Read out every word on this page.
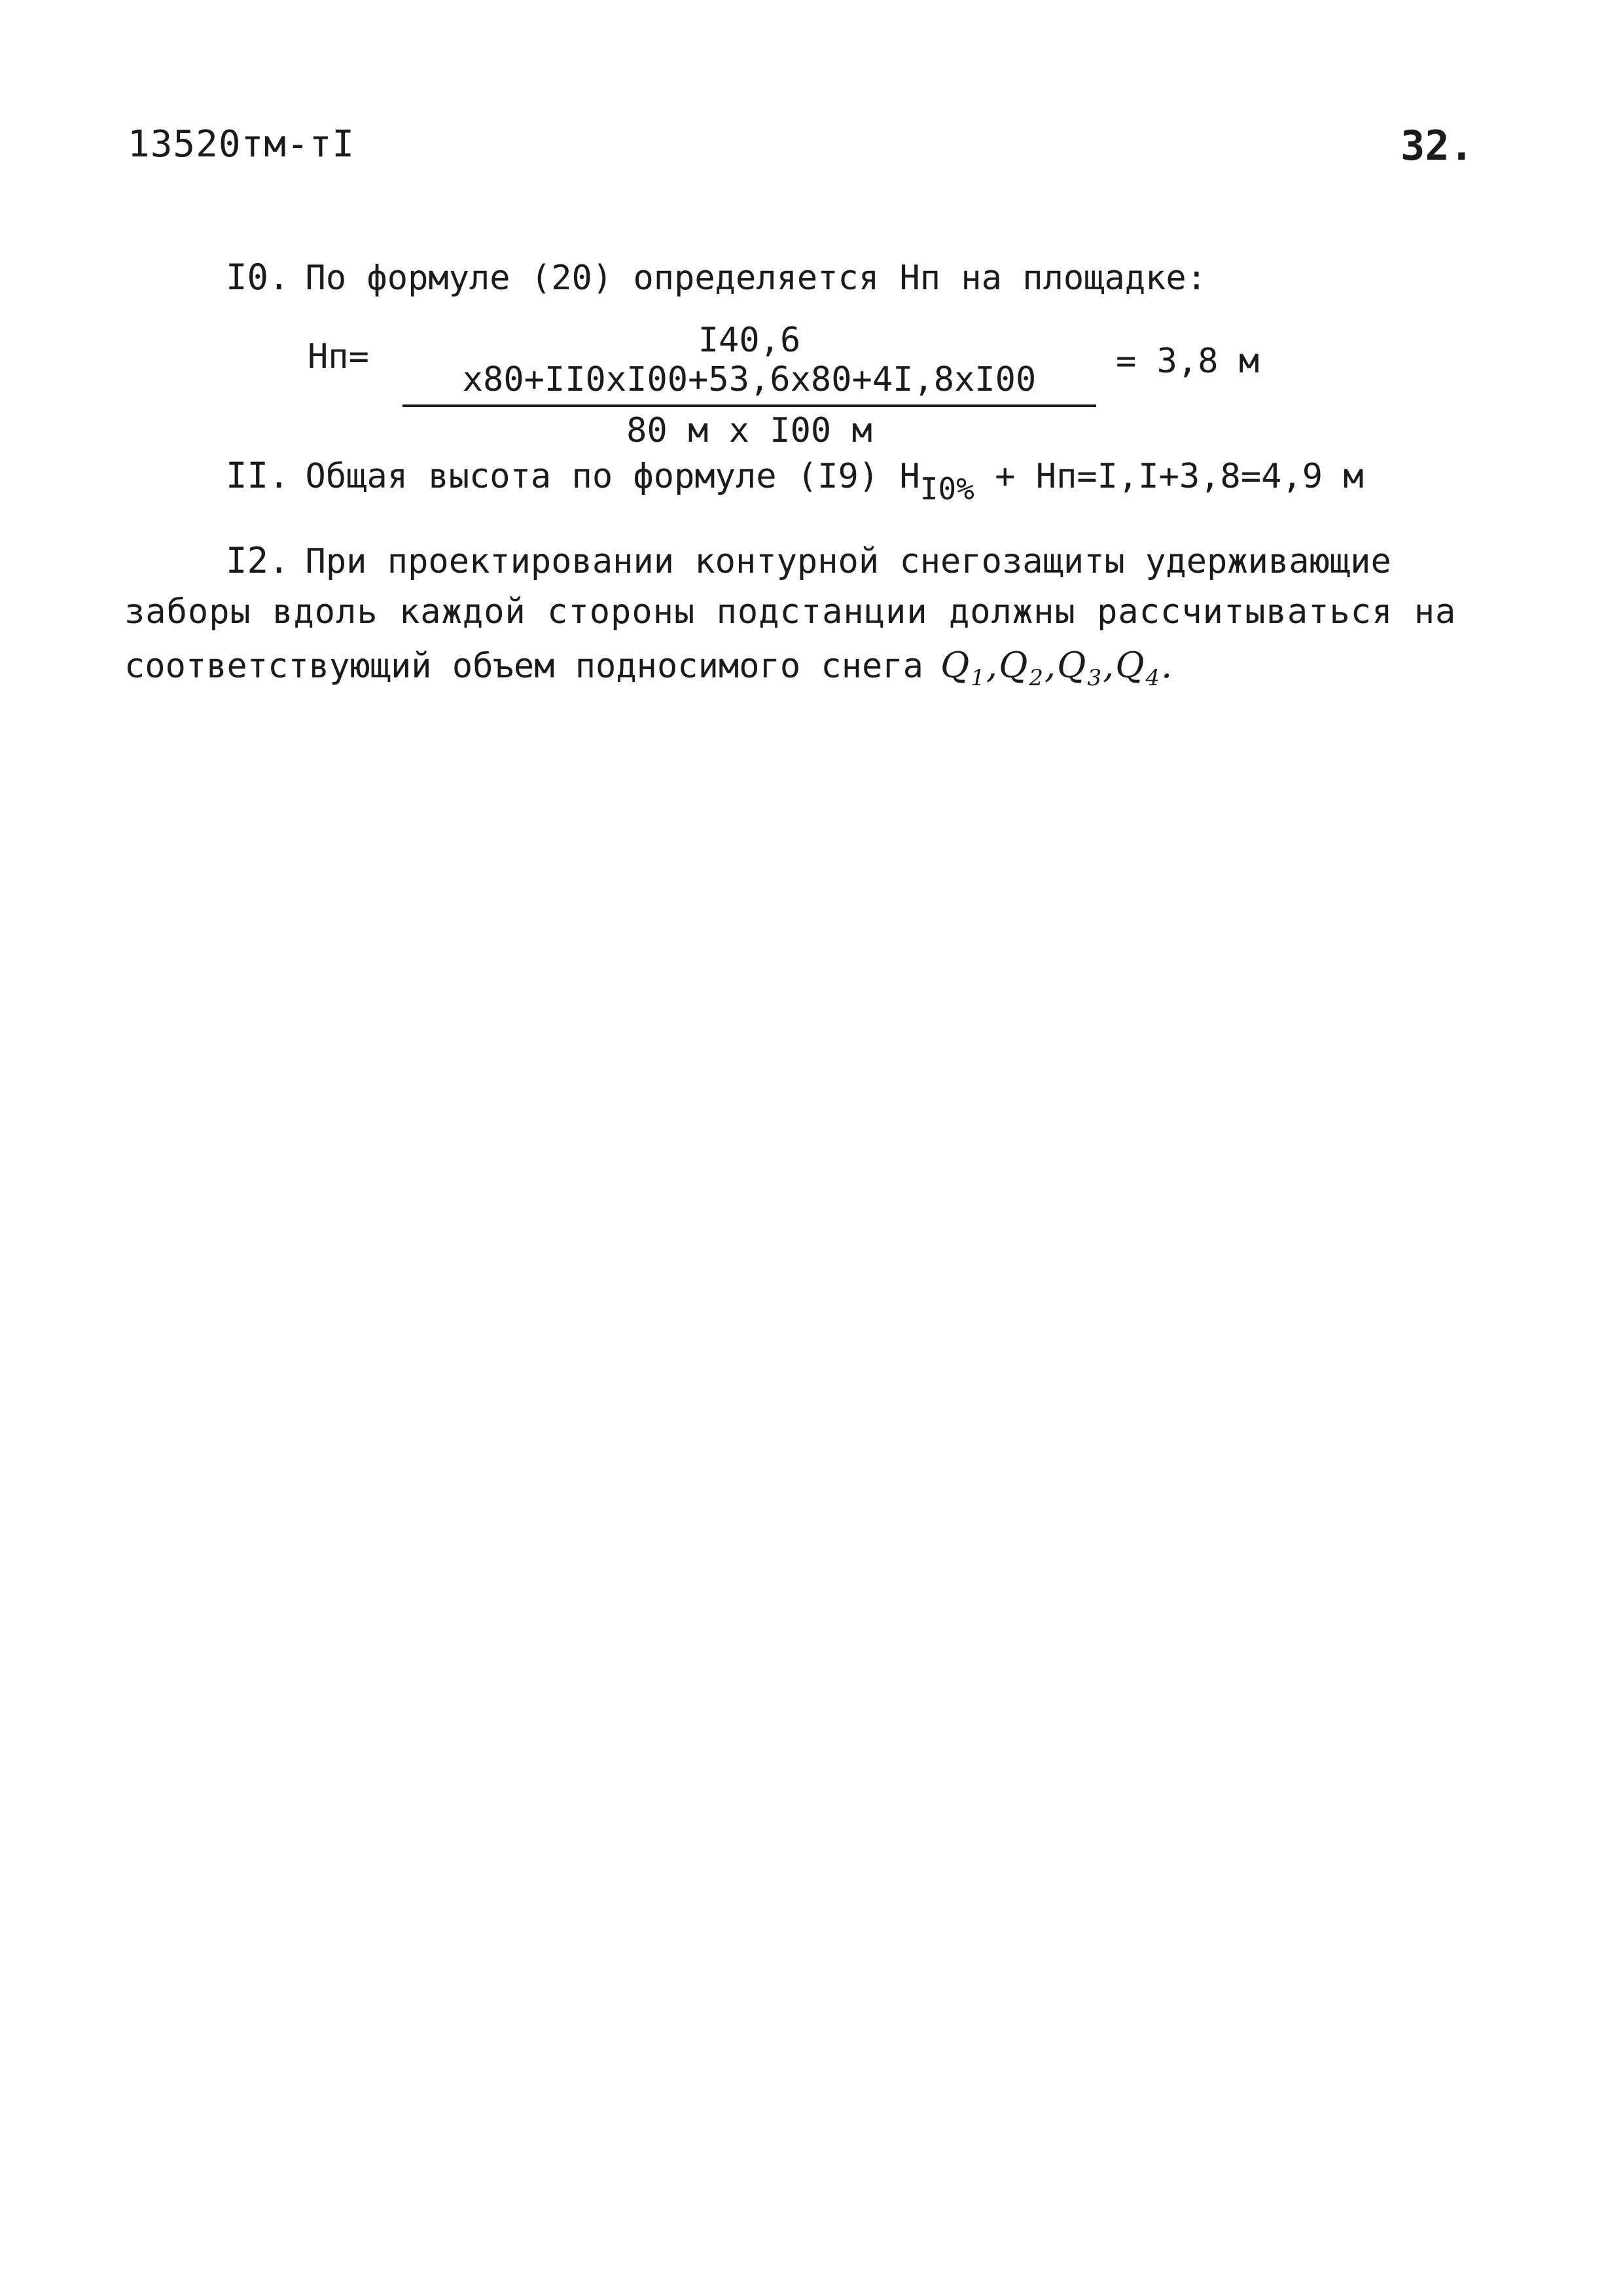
13520тм-тI	32.
I0. По формуле (20) определяется Нп на площадке:
Нп=	I40,6 х80+II0хI00+53,6х80+4I,8хI00
80 м х I00 м
= 3,8 м
II. Общая высота по формуле (I9) НI0% + Нп=I,I+3,8=4,9 м
I2. При проектировании контурной снегозащиты удерживающие
заборы вдоль каждой стороны подстанции должны рассчитываться на
соответствующий объем подносимого снега $Q_1,Q_2,Q_3,Q_4$.
